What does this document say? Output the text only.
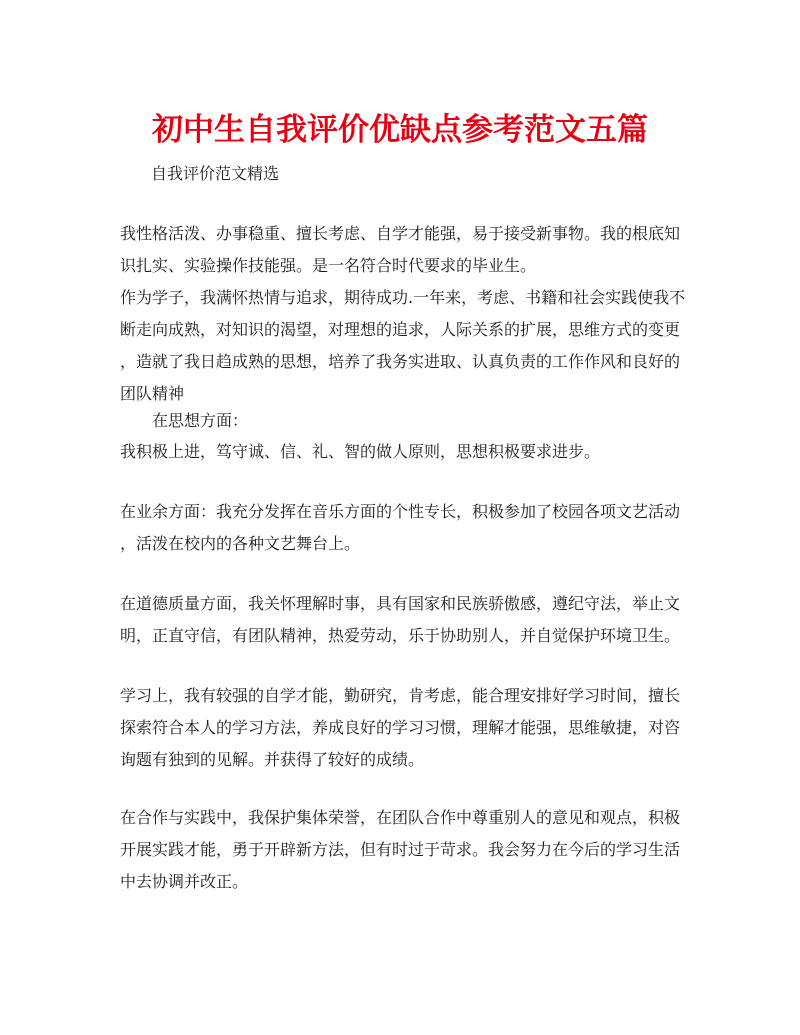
初中生自我评价优缺点参考范文五篇

自我评价范文精选

我性格活泼、办事稳重、擅长考虑、自学才能强，易于接受新事物。我的根底知
识扎实、实验操作技能强。是一名符合时代要求的毕业生。
作为学子，我满怀热情与追求，期待成功.一年来，考虑、书籍和社会实践使我不
断走向成熟，对知识的渴望，对理想的追求，人际关系的扩展，思维方式的变更
，造就了我日趋成熟的思想，培养了我务实进取、认真负责的工作作风和良好的
团队精神
在思想方面：
我积极上进，笃守诚、信、礼、智的做人原则，思想积极要求进步。
在业余方面：我充分发挥在音乐方面的个性专长，积极参加了校园各项文艺活动
，活泼在校内的各种文艺舞台上。
在道德质量方面，我关怀理解时事，具有国家和民族骄傲感，遵纪守法，举止文
明，正直守信，有团队精神，热爱劳动，乐于协助别人，并自觉保护环境卫生。
学习上，我有较强的自学才能，勤研究，肯考虑，能合理安排好学习时间，擅长
探索符合本人的学习方法，养成良好的学习习惯，理解才能强，思维敏捷，对咨
询题有独到的见解。并获得了较好的成绩。
在合作与实践中，我保护集体荣誉，在团队合作中尊重别人的意见和观点，积极
开展实践才能，勇于开辟新方法，但有时过于苛求。我会努力在今后的学习生活
中去协调并改正。
